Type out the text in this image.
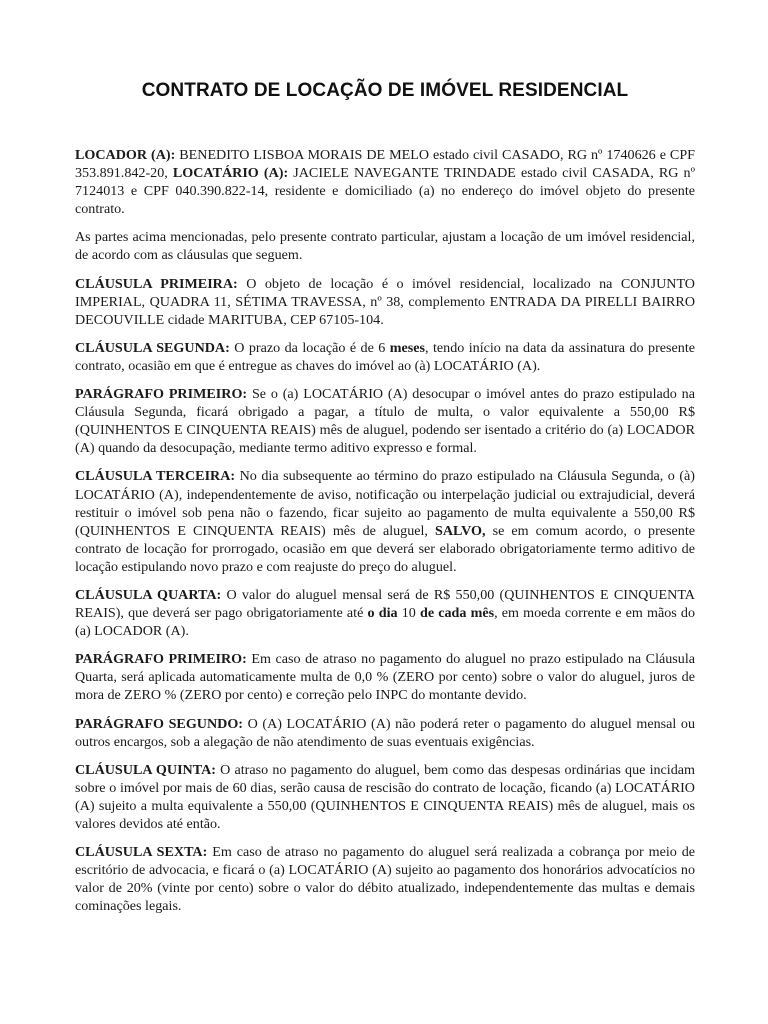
CONTRATO DE LOCAÇÃO DE IMÓVEL RESIDENCIAL

LOCADOR (A): BENEDITO LISBOA MORAIS DE MELO estado civil CASADO, RG nº 1740626 e CPF 353.891.842-20, LOCATÁRIO (A): JACIELE NAVEGANTE TRINDADE estado civil CASADA, RG nº 7124013 e CPF 040.390.822-14, residente e domiciliado (a) no endereço do imóvel objeto do presente contrato.

As partes acima mencionadas, pelo presente contrato particular, ajustam a locação de um imóvel residencial, de acordo com as cláusulas que seguem.

CLÁUSULA PRIMEIRA: O objeto de locação é o imóvel residencial, localizado na CONJUNTO IMPERIAL, QUADRA 11, SÉTIMA TRAVESSA, nº 38, complemento ENTRADA DA PIRELLI BAIRRO DECOUVILLE cidade MARITUBA, CEP 67105-104.

CLÁUSULA SEGUNDA: O prazo da locação é de 6 meses, tendo início na data da assinatura do presente contrato, ocasião em que é entregue as chaves do imóvel ao (à) LOCATÁRIO (A).

PARÁGRAFO PRIMEIRO: Se o (a) LOCATÁRIO (A) desocupar o imóvel antes do prazo estipulado na Cláusula Segunda, ficará obrigado a pagar, a título de multa, o valor equivalente a 550,00 R$ (QUINHENTOS E CINQUENTA REAIS) mês de aluguel, podendo ser isentado a critério do (a) LOCADOR (A) quando da desocupação, mediante termo aditivo expresso e formal.

CLÁUSULA TERCEIRA: No dia subsequente ao término do prazo estipulado na Cláusula Segunda, o (à) LOCATÁRIO (A), independentemente de aviso, notificação ou interpelação judicial ou extrajudicial, deverá restituir o imóvel sob pena não o fazendo, ficar sujeito ao pagamento de multa equivalente a 550,00 R$ (QUINHENTOS E CINQUENTA REAIS) mês de aluguel, SALVO, se em comum acordo, o presente contrato de locação for prorrogado, ocasião em que deverá ser elaborado obrigatoriamente termo aditivo de locação estipulando novo prazo e com reajuste do preço do aluguel.

CLÁUSULA QUARTA: O valor do aluguel mensal será de R$ 550,00 (QUINHENTOS E CINQUENTA REAIS), que deverá ser pago obrigatoriamente até o dia 10 de cada mês, em moeda corrente e em mãos do (a) LOCADOR (A).

PARÁGRAFO PRIMEIRO: Em caso de atraso no pagamento do aluguel no prazo estipulado na Cláusula Quarta, será aplicada automaticamente multa de 0,0 % (ZERO por cento) sobre o valor do aluguel, juros de mora de ZERO % (ZERO por cento) e correção pelo INPC do montante devido.

PARÁGRAFO SEGUNDO: O (A) LOCATÁRIO (A) não poderá reter o pagamento do aluguel mensal ou outros encargos, sob a alegação de não atendimento de suas eventuais exigências.

CLÁUSULA QUINTA: O atraso no pagamento do aluguel, bem como das despesas ordinárias que incidam sobre o imóvel por mais de 60 dias, serão causa de rescisão do contrato de locação, ficando (a) LOCATÁRIO (A) sujeito a multa equivalente a 550,00 (QUINHENTOS E CINQUENTA REAIS) mês de aluguel, mais os valores devidos até então.

CLÁUSULA SEXTA: Em caso de atraso no pagamento do aluguel será realizada a cobrança por meio de escritório de advocacia, e ficará o (a) LOCATÁRIO (A) sujeito ao pagamento dos honorários advocatícios no valor de 20% (vinte por cento) sobre o valor do débito atualizado, independentemente das multas e demais cominações legais.
